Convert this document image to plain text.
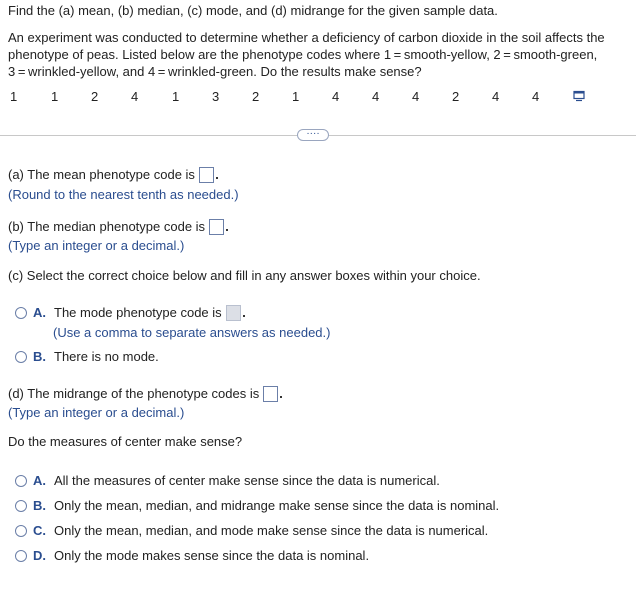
Find the (a) mean, (b) median, (c) mode, and (d) midrange for the given sample data.
An experiment was conducted to determine whether a deficiency of carbon dioxide in the soil affects the
phenotype of peas. Listed below are the phenotype codes where 1 = smooth-yellow, 2 = smooth-green,
3 = wrinkled-yellow, and 4 = wrinkled-green. Do the results make sense?
1	1	2	4	1	3	2	1	4	4	4	2	4	4
····
(a) The mean phenotype code is
(Round to the nearest tenth as needed.)
(b) The median phenotype code is
(Type an integer or a decimal.)
(c) Select the correct choice below and fill in any answer boxes within your choice.
A. The mode phenotype code is
(Use a comma to separate answers as needed.)
B. There is no mode.
(d) The midrange of the phenotype codes is
(Type an integer or a decimal.)
Do the measures of center make sense?
A. All the measures of center make sense since the data is numerical.
B. Only the mean, median, and midrange make sense since the data is nominal.
C. Only the mean, median, and mode make sense since the data is numerical.
D. Only the mode makes sense since the data is nominal.
